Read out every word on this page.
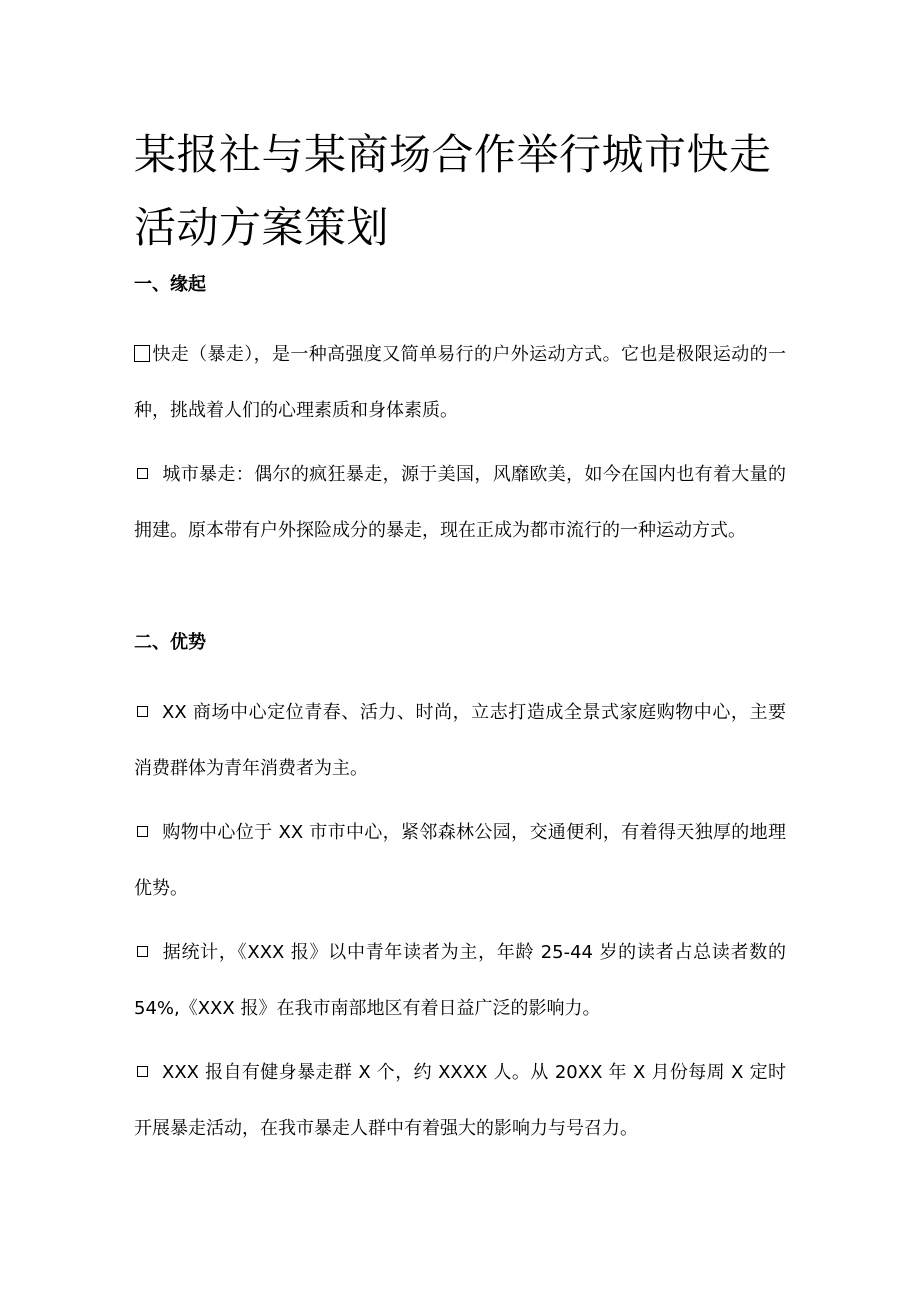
某报社与某商场合作举行城市快走活动方案策划
一、缘起

快走（暴走），是一种高强度又简单易行的户外运动方式。它也是极限运动的一种，挑战着人们的心理素质和身体素质。

城市暴走：偶尔的疯狂暴走，源于美国，风靡欧美，如今在国内也有着大量的拥建。原本带有户外探险成分的暴走，现在正成为都市流行的一种运动方式。

二、优势

XX 商场中心定位青春、活力、时尚，立志打造成全景式家庭购物中心，主要消费群体为青年消费者为主。

购物中心位于 XX 市市中心，紧邻森林公园，交通便利，有着得天独厚的地理优势。

据统计，《XXX 报》以中青年读者为主，年龄 25-44 岁的读者占总读者数的 54%,《XXX 报》在我市南部地区有着日益广泛的影响力。

XXX 报自有健身暴走群 X 个，约 XXXX 人。从 20XX 年 X 月份每周 X 定时开展暴走活动，在我市暴走人群中有着强大的影响力与号召力。
